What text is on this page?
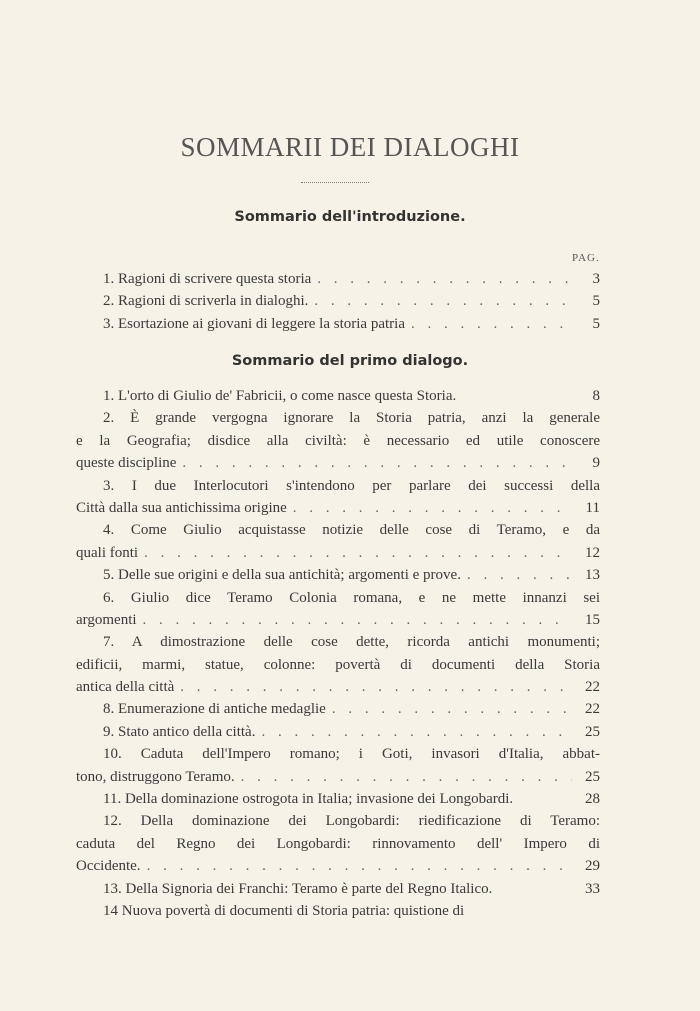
SOMMARII DEI DIALOGHI
Sommario dell'introduzione.
PAG.
1. Ragioni di scrivere questa storia . . .	3
2. Ragioni di scriverla in dialoghi. . . .	5
3. Esortazione ai giovani di leggere la storia patria . . .	5
Sommario del primo dialogo.
1. L'orto di Giulio de' Fabricii, o come nasce questa Storia.	8
2. È grande vergogna ignorare la Storia patria, anzi la generale
e la Geografia; disdice alla civiltà: è necessario ed utile conoscere
queste discipline . . .	9
3. I due Interlocutori s'intendono per parlare dei successi della
Città dalla sua antichissima origine . . .	11
4. Come Giulio acquistasse notizie delle cose di Teramo, e da
quali fonti . . .	12
5. Delle sue origini e della sua antichità; argomenti e prove. . . .	13
6. Giulio dice Teramo Colonia romana, e ne mette innanzi sei
argomenti . . .	15
7. A dimostrazione delle cose dette, ricorda antichi monumenti;
edificii, marmi, statue, colonne: povertà di documenti della Storia
antica della città . . .	22
8. Enumerazione di antiche medaglie . . .	22
9. Stato antico della città. . . .	25
10. Caduta dell'Impero romano; i Goti, invasori d'Italia, abbat-
tono, distruggono Teramo. . . .	25
11. Della dominazione ostrogota in Italia; invasione dei Longobardi.	28
12. Della dominazione dei Longobardi: riedificazione di Teramo:
caduta del Regno dei Longobardi: rinnovamento dell' Impero di
Occidente. . . .	29
13. Della Signoria dei Franchi: Teramo è parte del Regno Italico.	33
14 Nuova povertà di documenti di Storia patria: quistione di
